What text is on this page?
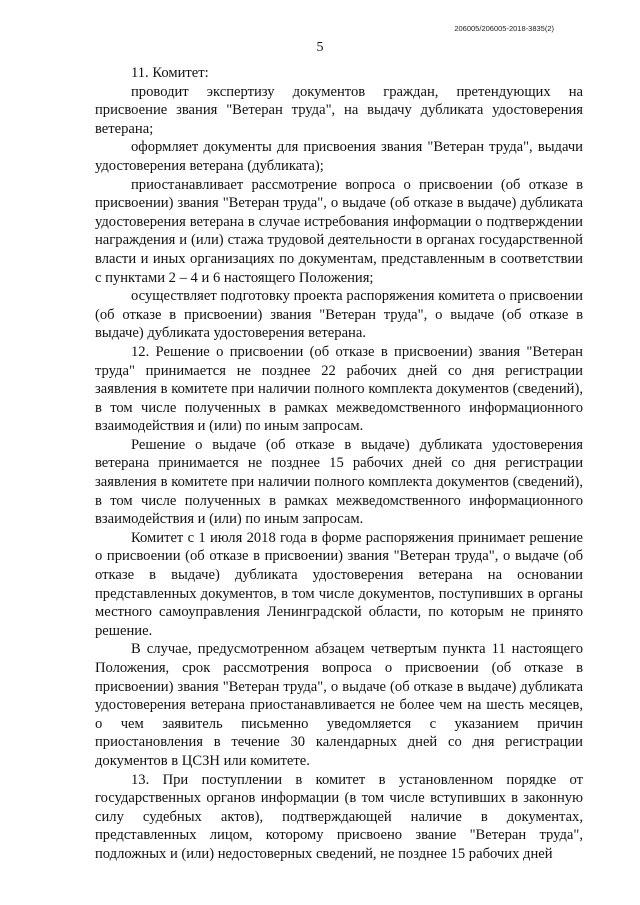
206005/206005-2018-3835(2)
5

11. Комитет:

проводит экспертизу документов граждан, претендующих на присвоение звания "Ветеран труда", на выдачу дубликата удостоверения ветерана;

оформляет документы для присвоения звания "Ветеран труда", выдачи удостоверения ветерана (дубликата);

приостанавливает рассмотрение вопроса о присвоении (об отказе в присвоении) звания "Ветеран труда", о выдаче (об отказе в выдаче) дубликата удостоверения ветерана в случае истребования информации о подтверждении награждения и (или) стажа трудовой деятельности в органах государственной власти и иных организациях по документам, представленным в соответствии с пунктами 2 – 4 и 6 настоящего Положения;

осуществляет подготовку проекта распоряжения комитета о присвоении (об отказе в присвоении) звания "Ветеран труда", о выдаче (об отказе в выдаче) дубликата удостоверения ветерана.

12. Решение о присвоении (об отказе в присвоении) звания "Ветеран труда" принимается не позднее 22 рабочих дней со дня регистрации заявления в комитете при наличии полного комплекта документов (сведений), в том числе полученных в рамках межведомственного информационного взаимодействия и (или) по иным запросам.

Решение о выдаче (об отказе в выдаче) дубликата удостоверения ветерана принимается не позднее 15 рабочих дней со дня регистрации заявления в комитете при наличии полного комплекта документов (сведений), в том числе полученных в рамках межведомственного информационного взаимодействия и (или) по иным запросам.

Комитет с 1 июля 2018 года в форме распоряжения принимает решение о присвоении (об отказе в присвоении) звания "Ветеран труда", о выдаче (об отказе в выдаче) дубликата удостоверения ветерана на основании представленных документов, в том числе документов, поступивших в органы местного самоуправления Ленинградской области, по которым не принято решение.

В случае, предусмотренном абзацем четвертым пункта 11 настоящего Положения, срок рассмотрения вопроса о присвоении (об отказе в присвоении) звания "Ветеран труда", о выдаче (об отказе в выдаче) дубликата удостоверения ветерана приостанавливается не более чем на шесть месяцев, о чем заявитель письменно уведомляется с указанием причин приостановления в течение 30 календарных дней со дня регистрации документов в ЦСЗН или комитете.

13. При поступлении в комитет в установленном порядке от государственных органов информации (в том числе вступивших в законную силу судебных актов), подтверждающей наличие в документах, представленных лицом, которому присвоено звание "Ветеран труда", подложных и (или) недостоверных сведений, не позднее 15 рабочих дней
